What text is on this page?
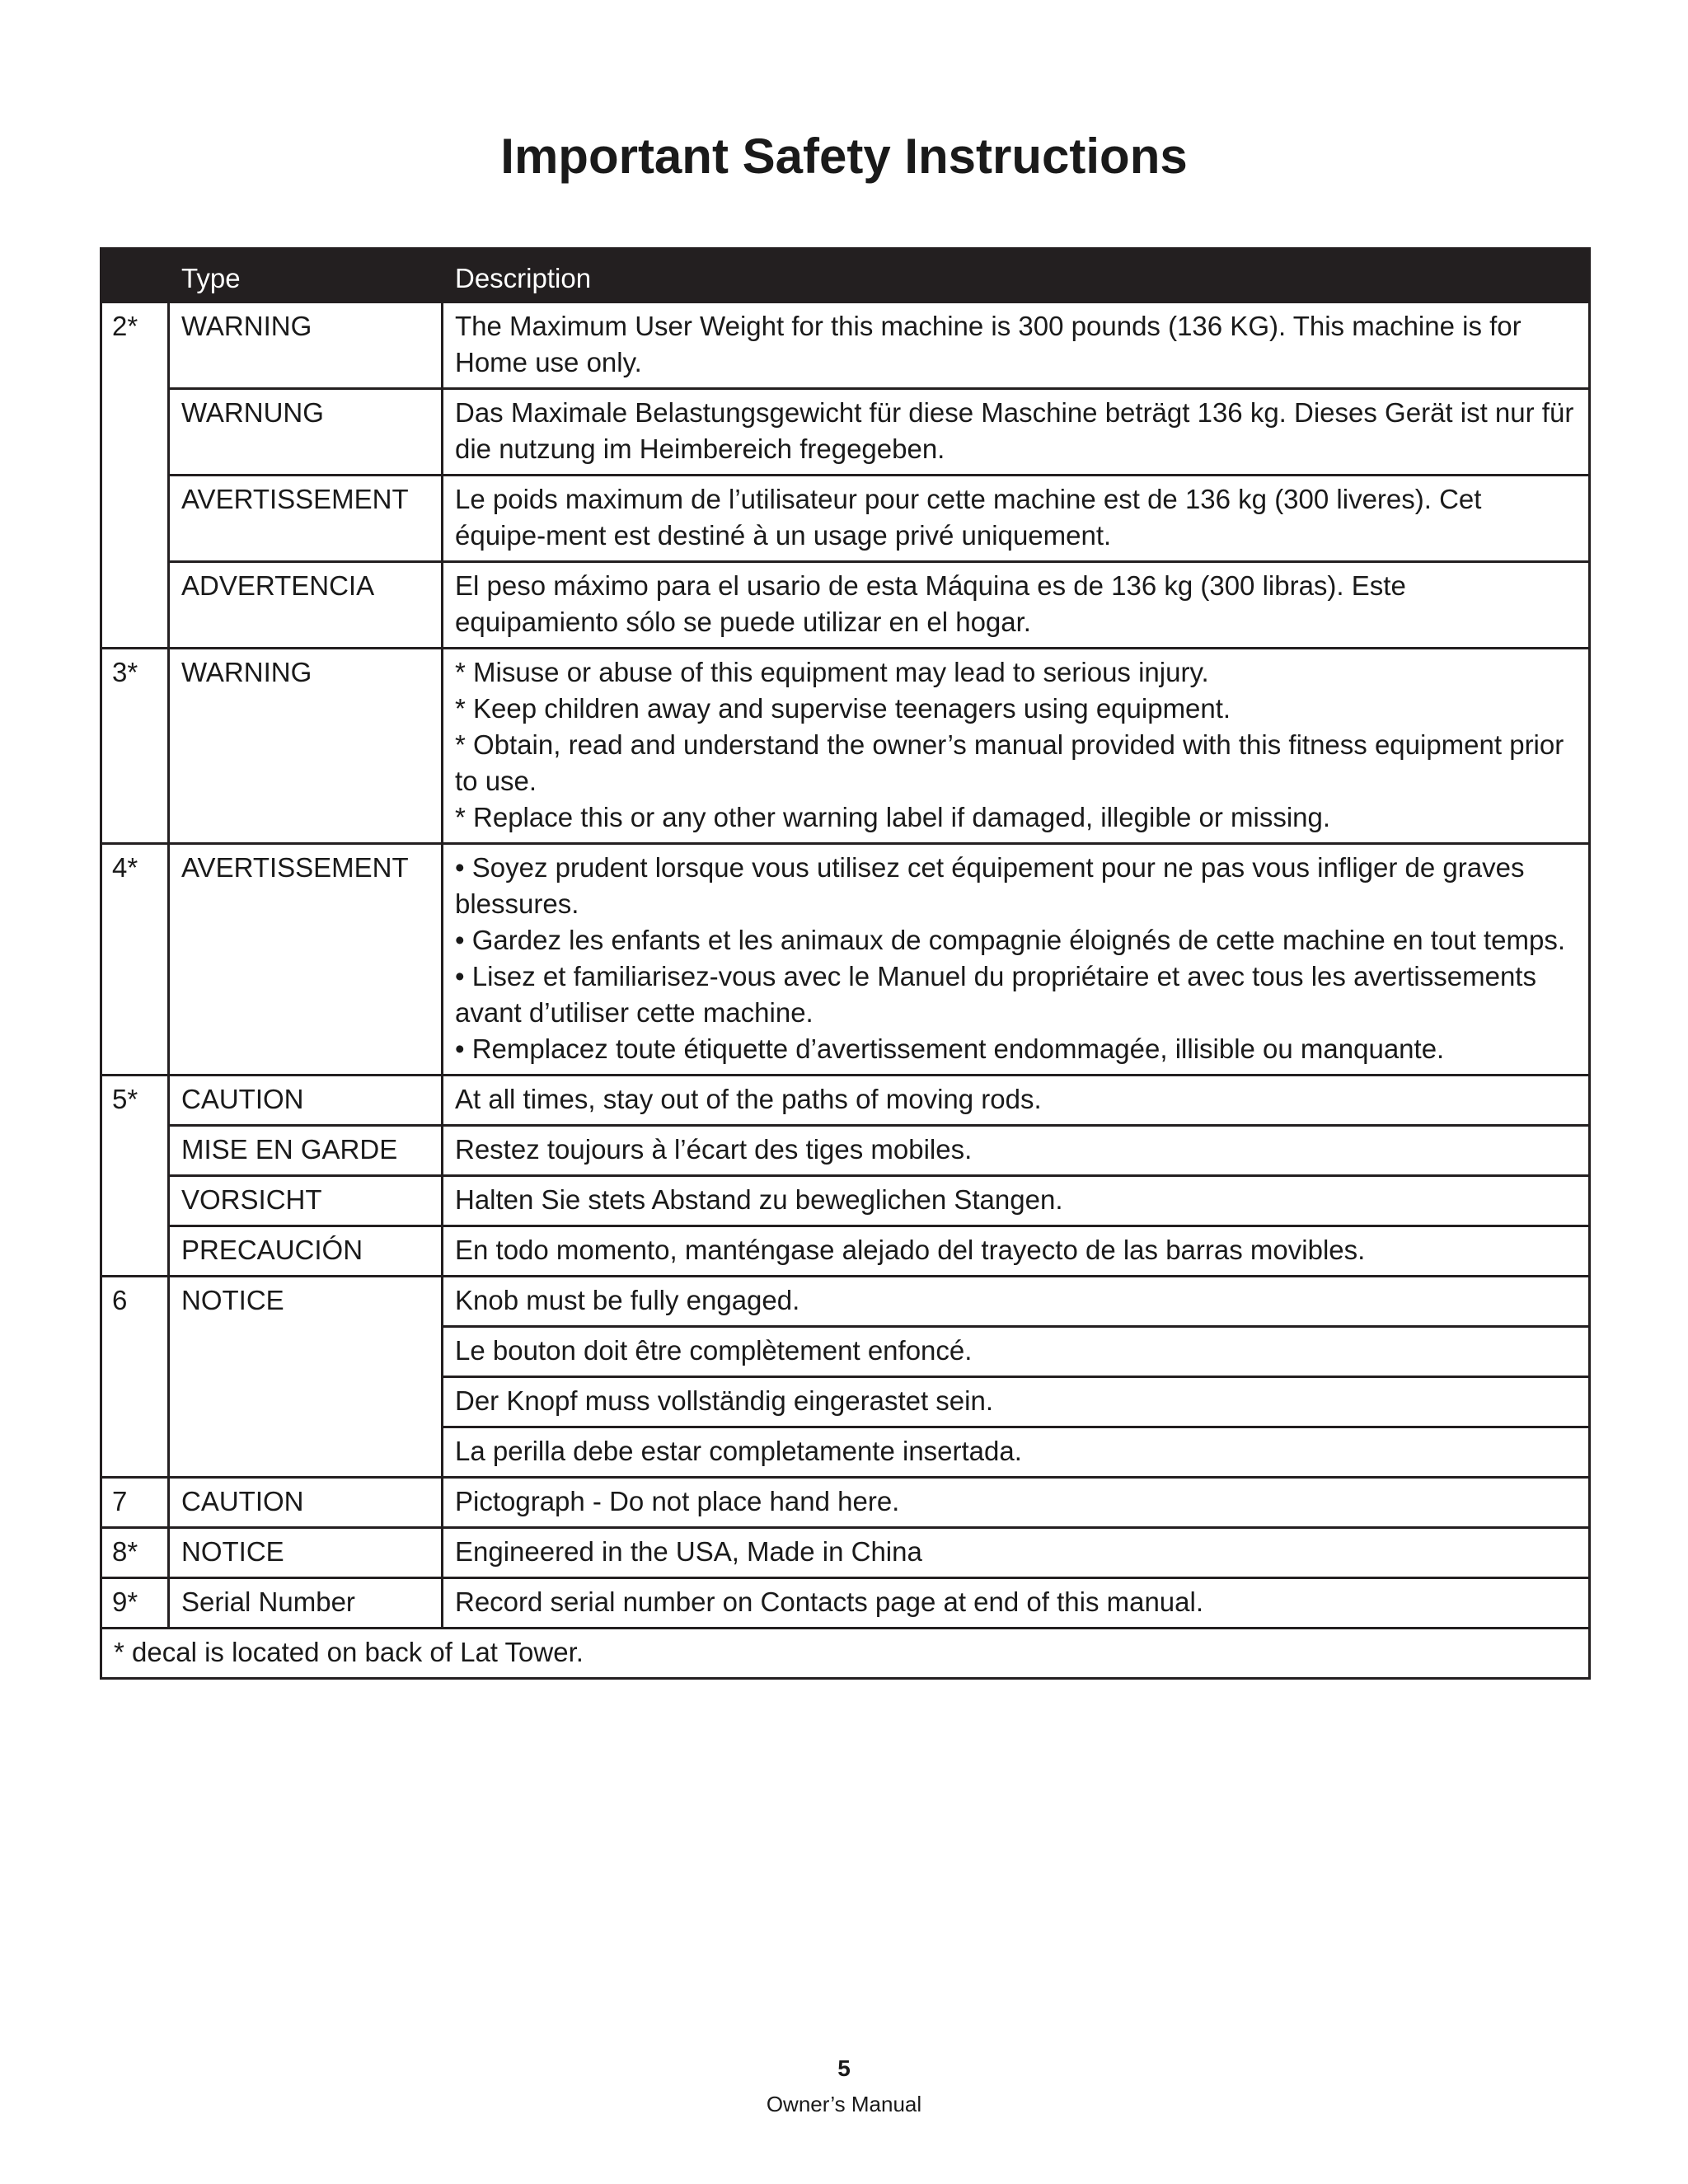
Important Safety Instructions
	Type	Description
2*	WARNING	The Maximum User Weight for this machine is 300 pounds (136 KG). This machine is for Home use only.

	WARNUNG	Das Maximale Belastungsgewicht für diese Maschine beträgt 136 kg. Dieses Gerät ist nur für die nutzung im Heimbereich fregegeben.

	AVERTISSEMENT	Le poids maximum de l’utilisateur pour cette machine est de 136 kg (300 liveres). Cet équipe-ment est destiné à un usage privé uniquement.

	ADVERTENCIA	El peso máximo para el usario de esta Máquina es de 136 kg (300 libras). Este equipamiento sólo se puede utilizar en el hogar.

3*	WARNING	* Misuse or abuse of this equipment may lead to serious injury.
* Keep children away and supervise teenagers using equipment.
* Obtain, read and understand the owner’s manual provided with this fitness equipment prior to use.
* Replace this or any other warning label if damaged, illegible or missing.

4*	AVERTISSEMENT	• Soyez prudent lorsque vous utilisez cet équipement pour ne pas vous infliger de graves blessures.
• Gardez les enfants et les animaux de compagnie éloignés de cette machine en tout temps.
• Lisez et familiarisez-vous avec le Manuel du propriétaire et avec tous les avertissements avant d’utiliser cette machine.
• Remplacez toute étiquette d’avertissement endommagée, illisible ou manquante.

5*	CAUTION	At all times, stay out of the paths of moving rods.

	MISE EN GARDE	Restez toujours à l’écart des tiges mobiles.

	VORSICHT	Halten Sie stets Abstand zu beweglichen Stangen.

	PRECAUCIÓN	En todo momento, manténgase alejado del trayecto de las barras movibles.

6	NOTICE	Knob must be fully engaged.

		Le bouton doit être complètement enfoncé.

		Der Knopf muss vollständig eingerastet sein.

		La perilla debe estar completamente insertada.

7	CAUTION	Pictograph - Do not place hand here.

8*	NOTICE	Engineered in the USA, Made in China

9*	Serial Number	Record serial number on Contacts page at end of this manual.

* decal is located on back of Lat Tower.		
5
Owner’s Manual
